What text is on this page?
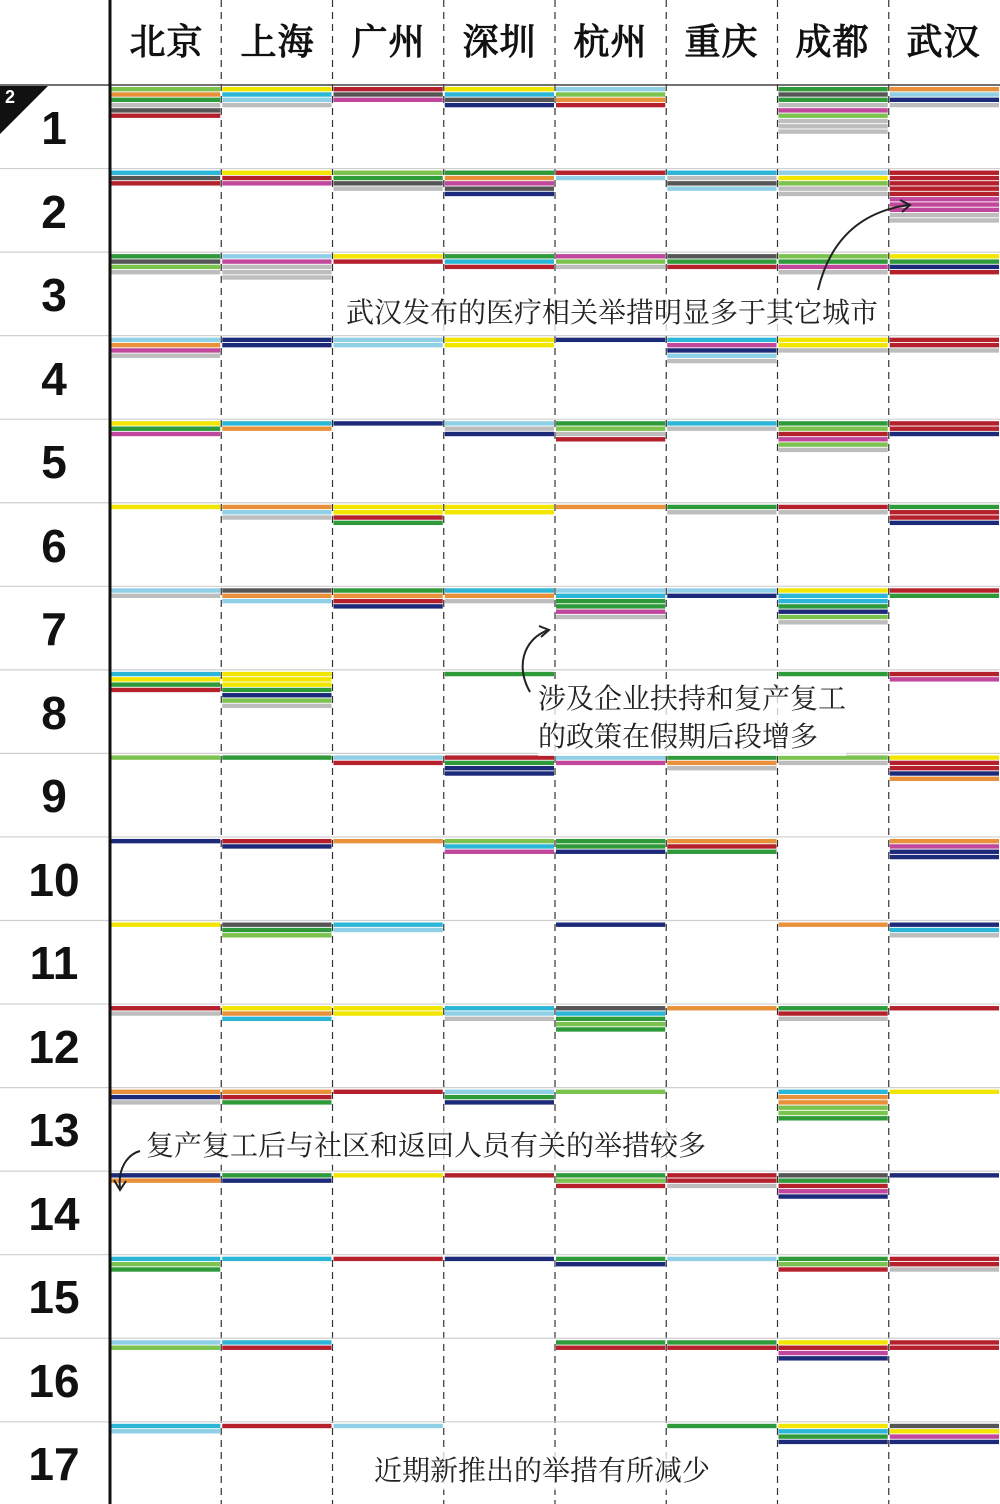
北京	上海	广州	深圳	杭州	重庆	成都	武汉
1
2
3
4
5
6
7
8
9
10
11
12
13
14
15
16
17
2
武汉发布的医疗相关举措明显多于其它城市
涉及企业扶持和复产复工
的政策在假期后段增多
复产复工后与社区和返回人员有关的举措较多
近期新推出的举措有所减少
